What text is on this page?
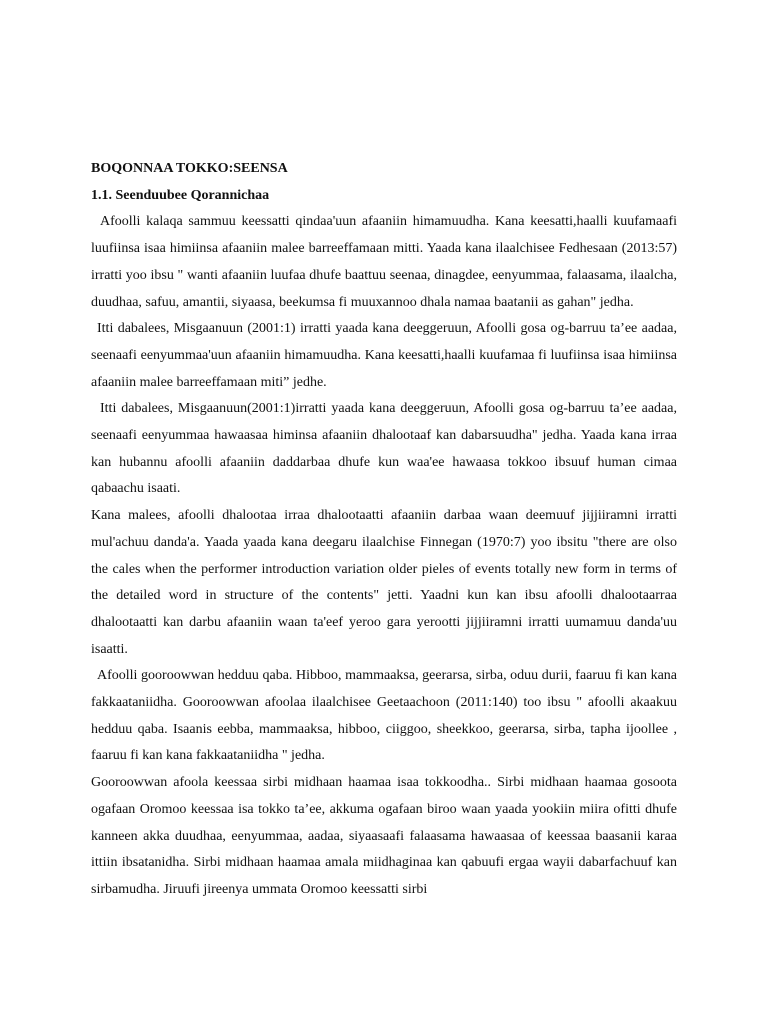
BOQONNAA TOKKO:SEENSA

1.1. Seenduubee Qorannichaa

Afoolli kalaqa sammuu keessatti qindaa'uun afaaniin himamuudha. Kana keesatti,haalli kuufamaafi luufiinsa isaa himiinsa afaaniin malee barreeffamaan mitti. Yaada kana ilaalchisee Fedhesaan (2013:57) irratti yoo ibsu " wanti afaaniin luufaa dhufe baattuu seenaa, dinagdee, eenyummaa, falaasama, ilaalcha, duudhaa, safuu, amantii, siyaasa, beekumsa fi muuxannoo dhala namaa baatanii as gahan" jedha.

Itti dabalees, Misgaanuun (2001:1) irratti yaada kana deeggeruun, Afoolli gosa og-barruu ta’ee aadaa, seenaafi eenyummaa'uun afaaniin himamuudha. Kana keesatti,haalli kuufamaa fi luufiinsa isaa himiinsa afaaniin malee barreeffamaan miti” jedhe.

Itti dabalees, Misgaanuun(2001:1)irratti yaada kana deeggeruun, Afoolli gosa og-barruu ta’ee aadaa, seenaafi eenyummaa hawaasaa himinsa afaaniin dhalootaaf kan dabarsuudha" jedha. Yaada kana irraa kan hubannu afoolli afaaniin daddarbaa dhufe kun waa'ee hawaasa tokkoo ibsuuf human cimaa qabaachu isaati.

Kana malees, afoolli dhalootaa irraa dhalootaatti afaaniin darbaa waan deemuuf jijjiiramni irratti mul'achuu danda'a. Yaada yaada kana deegaru ilaalchise Finnegan (1970:7) yoo ibsitu "there are olso the cales when the performer introduction variation older pieles of events totally new form in terms of the detailed word in structure of the contents" jetti. Yaadni kun kan ibsu afoolli dhalootaarraa dhalootaatti kan darbu afaaniin waan ta'eef yeroo gara yerootti jijjiiramni irratti uumamuu danda'uu isaatti.

Afoolli gooroowwan hedduu qaba. Hibboo, mammaaksa, geerarsa, sirba, oduu durii, faaruu fi kan kana fakkaataniidha. Gooroowwan afoolaa ilaalchisee Geetaachoon (2011:140) too ibsu " afoolli akaakuu hedduu qaba. Isaanis eebba, mammaaksa, hibboo, ciiggoo, sheekkoo, geerarsa, sirba, tapha ijoollee , faaruu fi kan kana fakkaataniidha " jedha.

Gooroowwan afoola keessaa sirbi midhaan haamaa isaa tokkoodha.. Sirbi midhaan haamaa gosoota ogafaan Oromoo keessaa isa tokko ta’ee, akkuma ogafaan biroo waan yaada yookiin miira ofitti dhufe kanneen akka duudhaa, eenyummaa, aadaa, siyaasaafi falaasama hawaasaa of keessaa baasanii karaa ittiin ibsatanidha. Sirbi midhaan haamaa amala miidhaginaa kan qabuufi ergaa wayii dabarfachuuf kan sirbamudha. Jiruufi jireenya ummata Oromoo keessatti sirbi
